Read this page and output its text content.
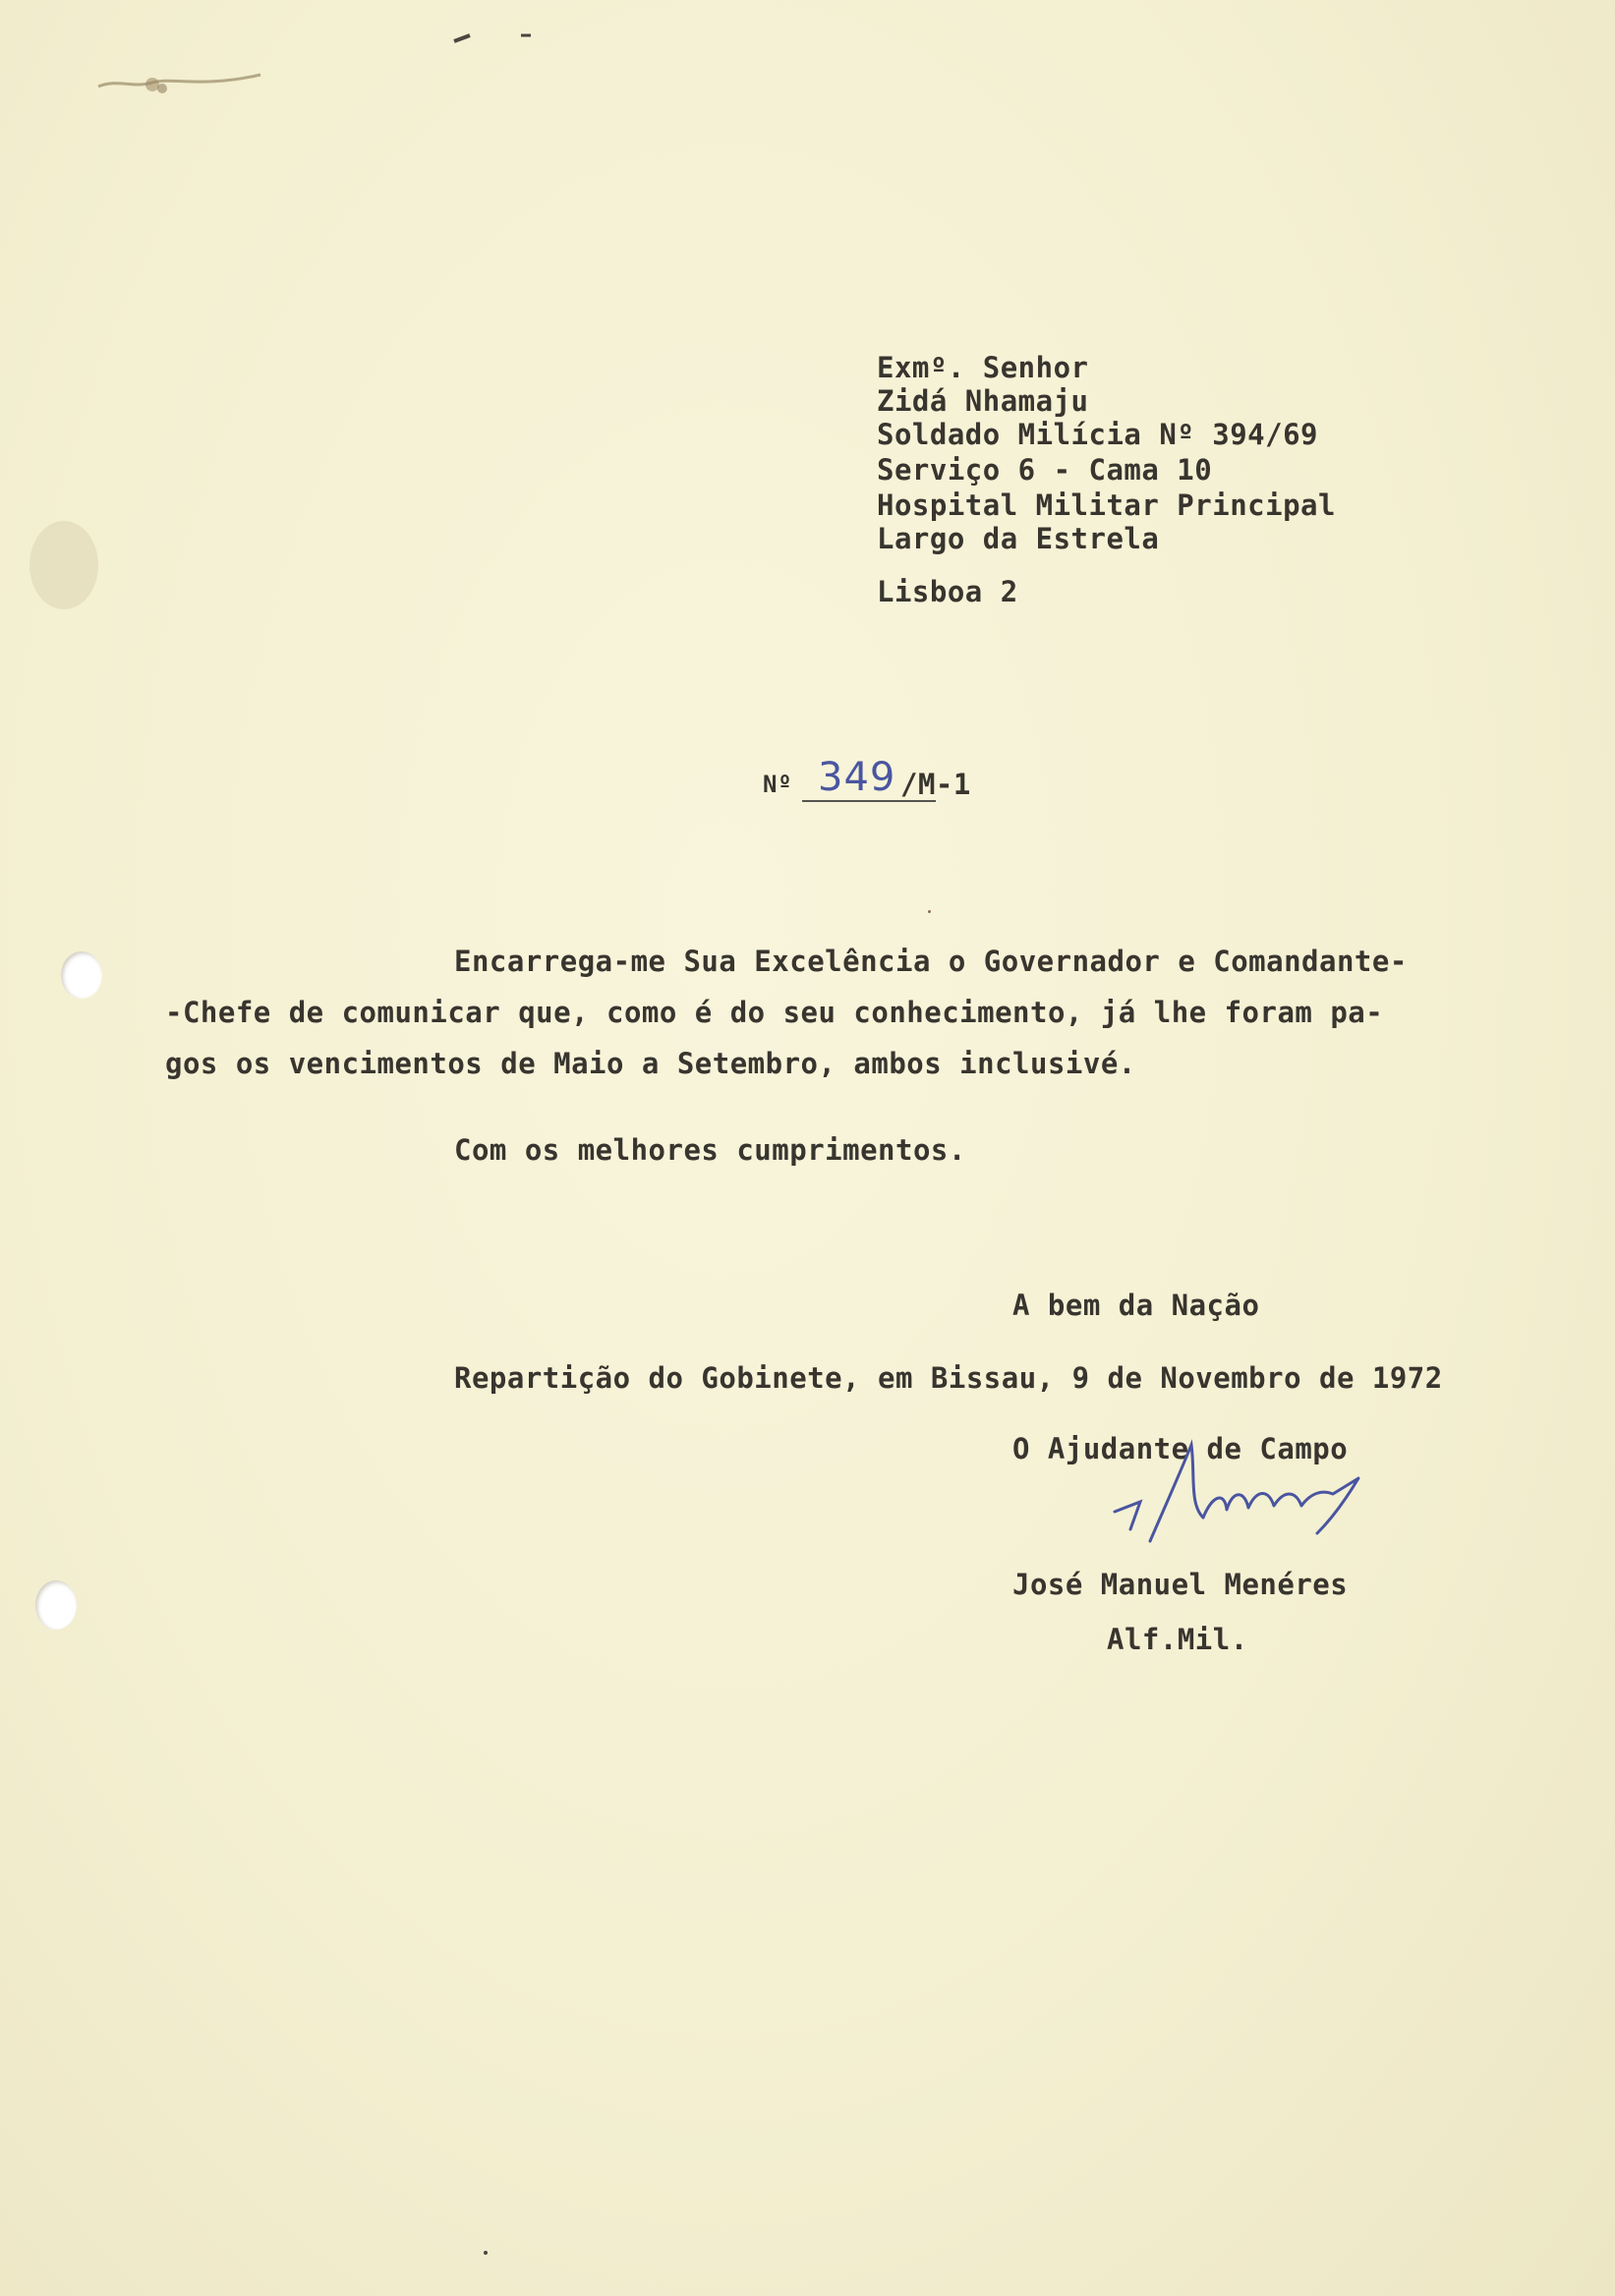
Exmº. Senhor
Zidá Nhamaju
Soldado Milícia Nº 394/69
Serviço 6 - Cama 10
Hospital Militar Principal
Largo da Estrela
Lisboa 2
Nº 349 /M-1
Encarrega-me Sua Excelência o Governador e Comandante-
-Chefe de comunicar que, como é do seu conhecimento, já lhe foram pa-
gos os vencimentos de Maio a Setembro, ambos inclusivé.
Com os melhores cumprimentos.
A bem da Nação
Repartição do Gobinete, em Bissau, 9 de Novembro de 1972
O Ajudante de Campo
José Manuel Menéres
Alf.Mil.
